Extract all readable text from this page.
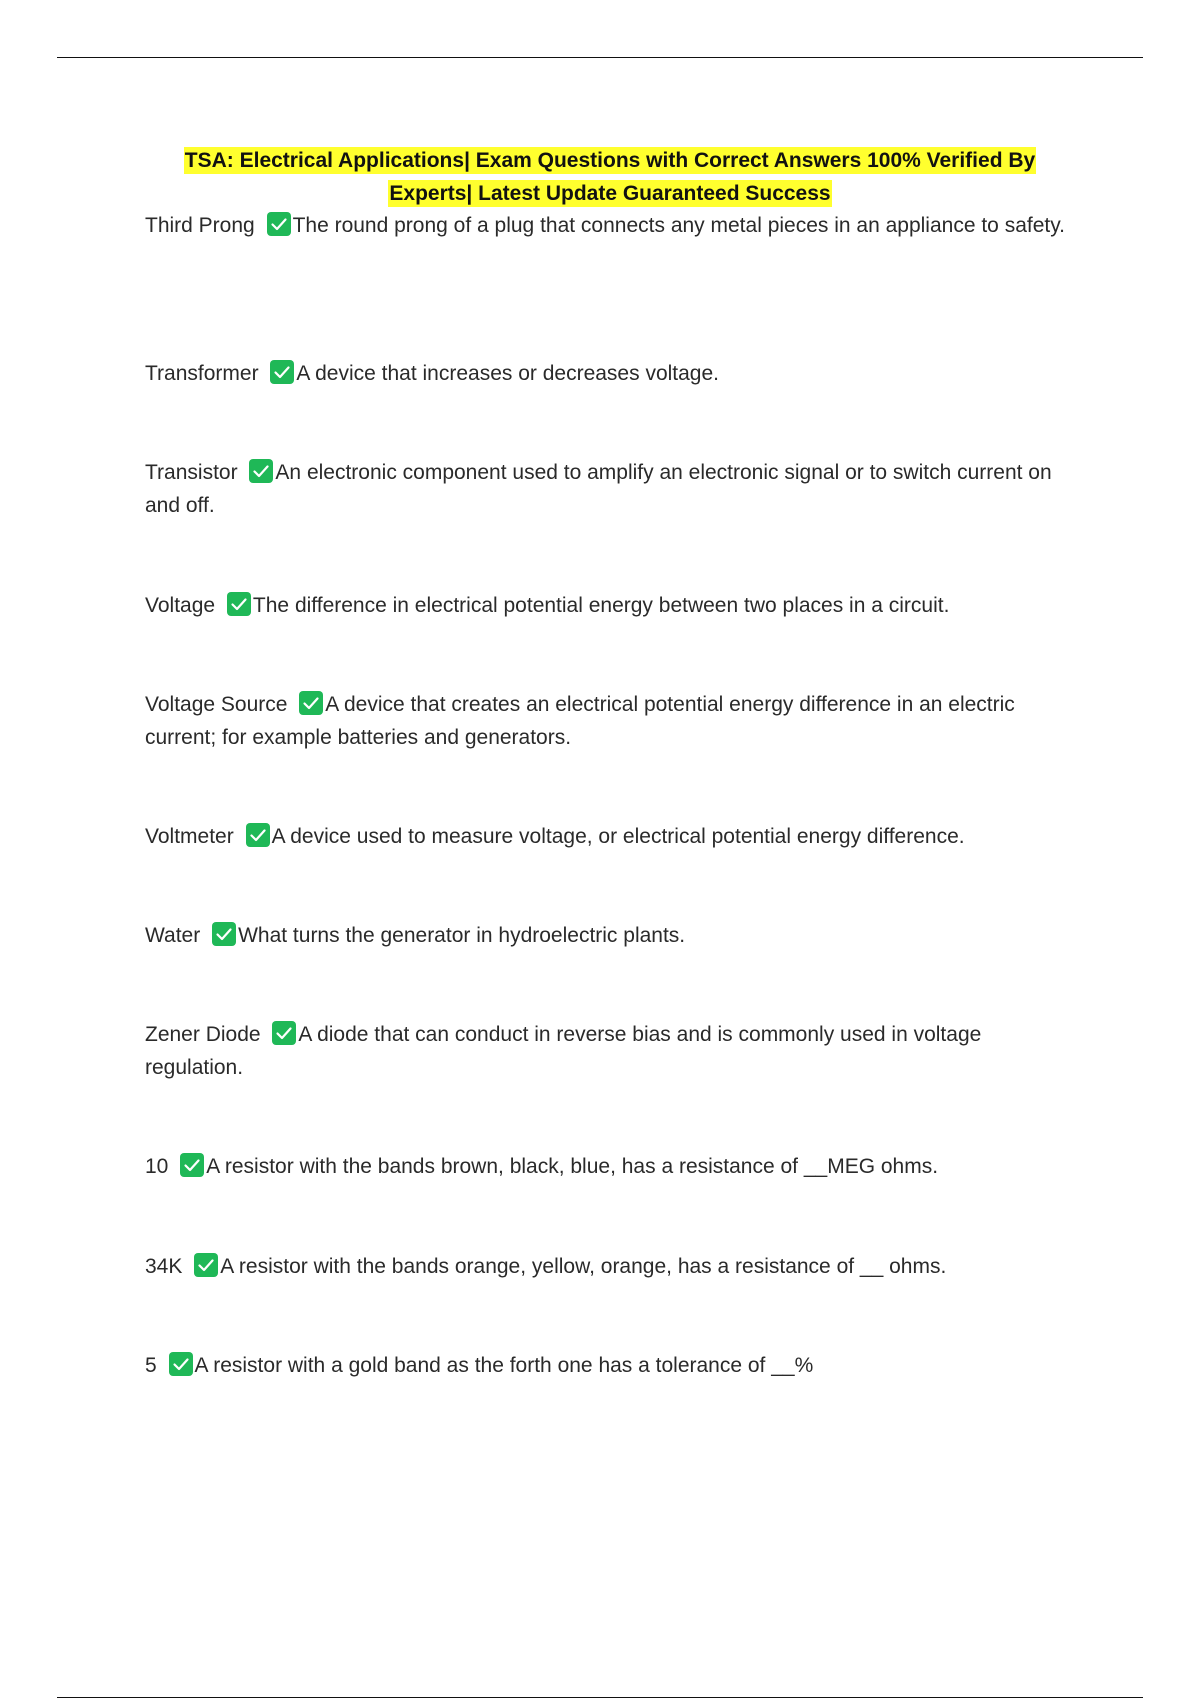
TSA: Electrical Applications| Exam Questions with Correct Answers 100% Verified By Experts| Latest Update Guaranteed Success
Third Prong The round prong of a plug that connects any metal pieces in an appliance to safety.
Transformer A device that increases or decreases voltage.
Transistor An electronic component used to amplify an electronic signal or to switch current on and off.
Voltage The difference in electrical potential energy between two places in a circuit.
Voltage Source A device that creates an electrical potential energy difference in an electric current; for example batteries and generators.
Voltmeter A device used to measure voltage, or electrical potential energy difference.
Water What turns the generator in hydroelectric plants.
Zener Diode A diode that can conduct in reverse bias and is commonly used in voltage regulation.
10 A resistor with the bands brown, black, blue, has a resistance of __MEG ohms.
34K A resistor with the bands orange, yellow, orange, has a resistance of __ ohms.
5 A resistor with a gold band as the forth one has a tolerance of __%
